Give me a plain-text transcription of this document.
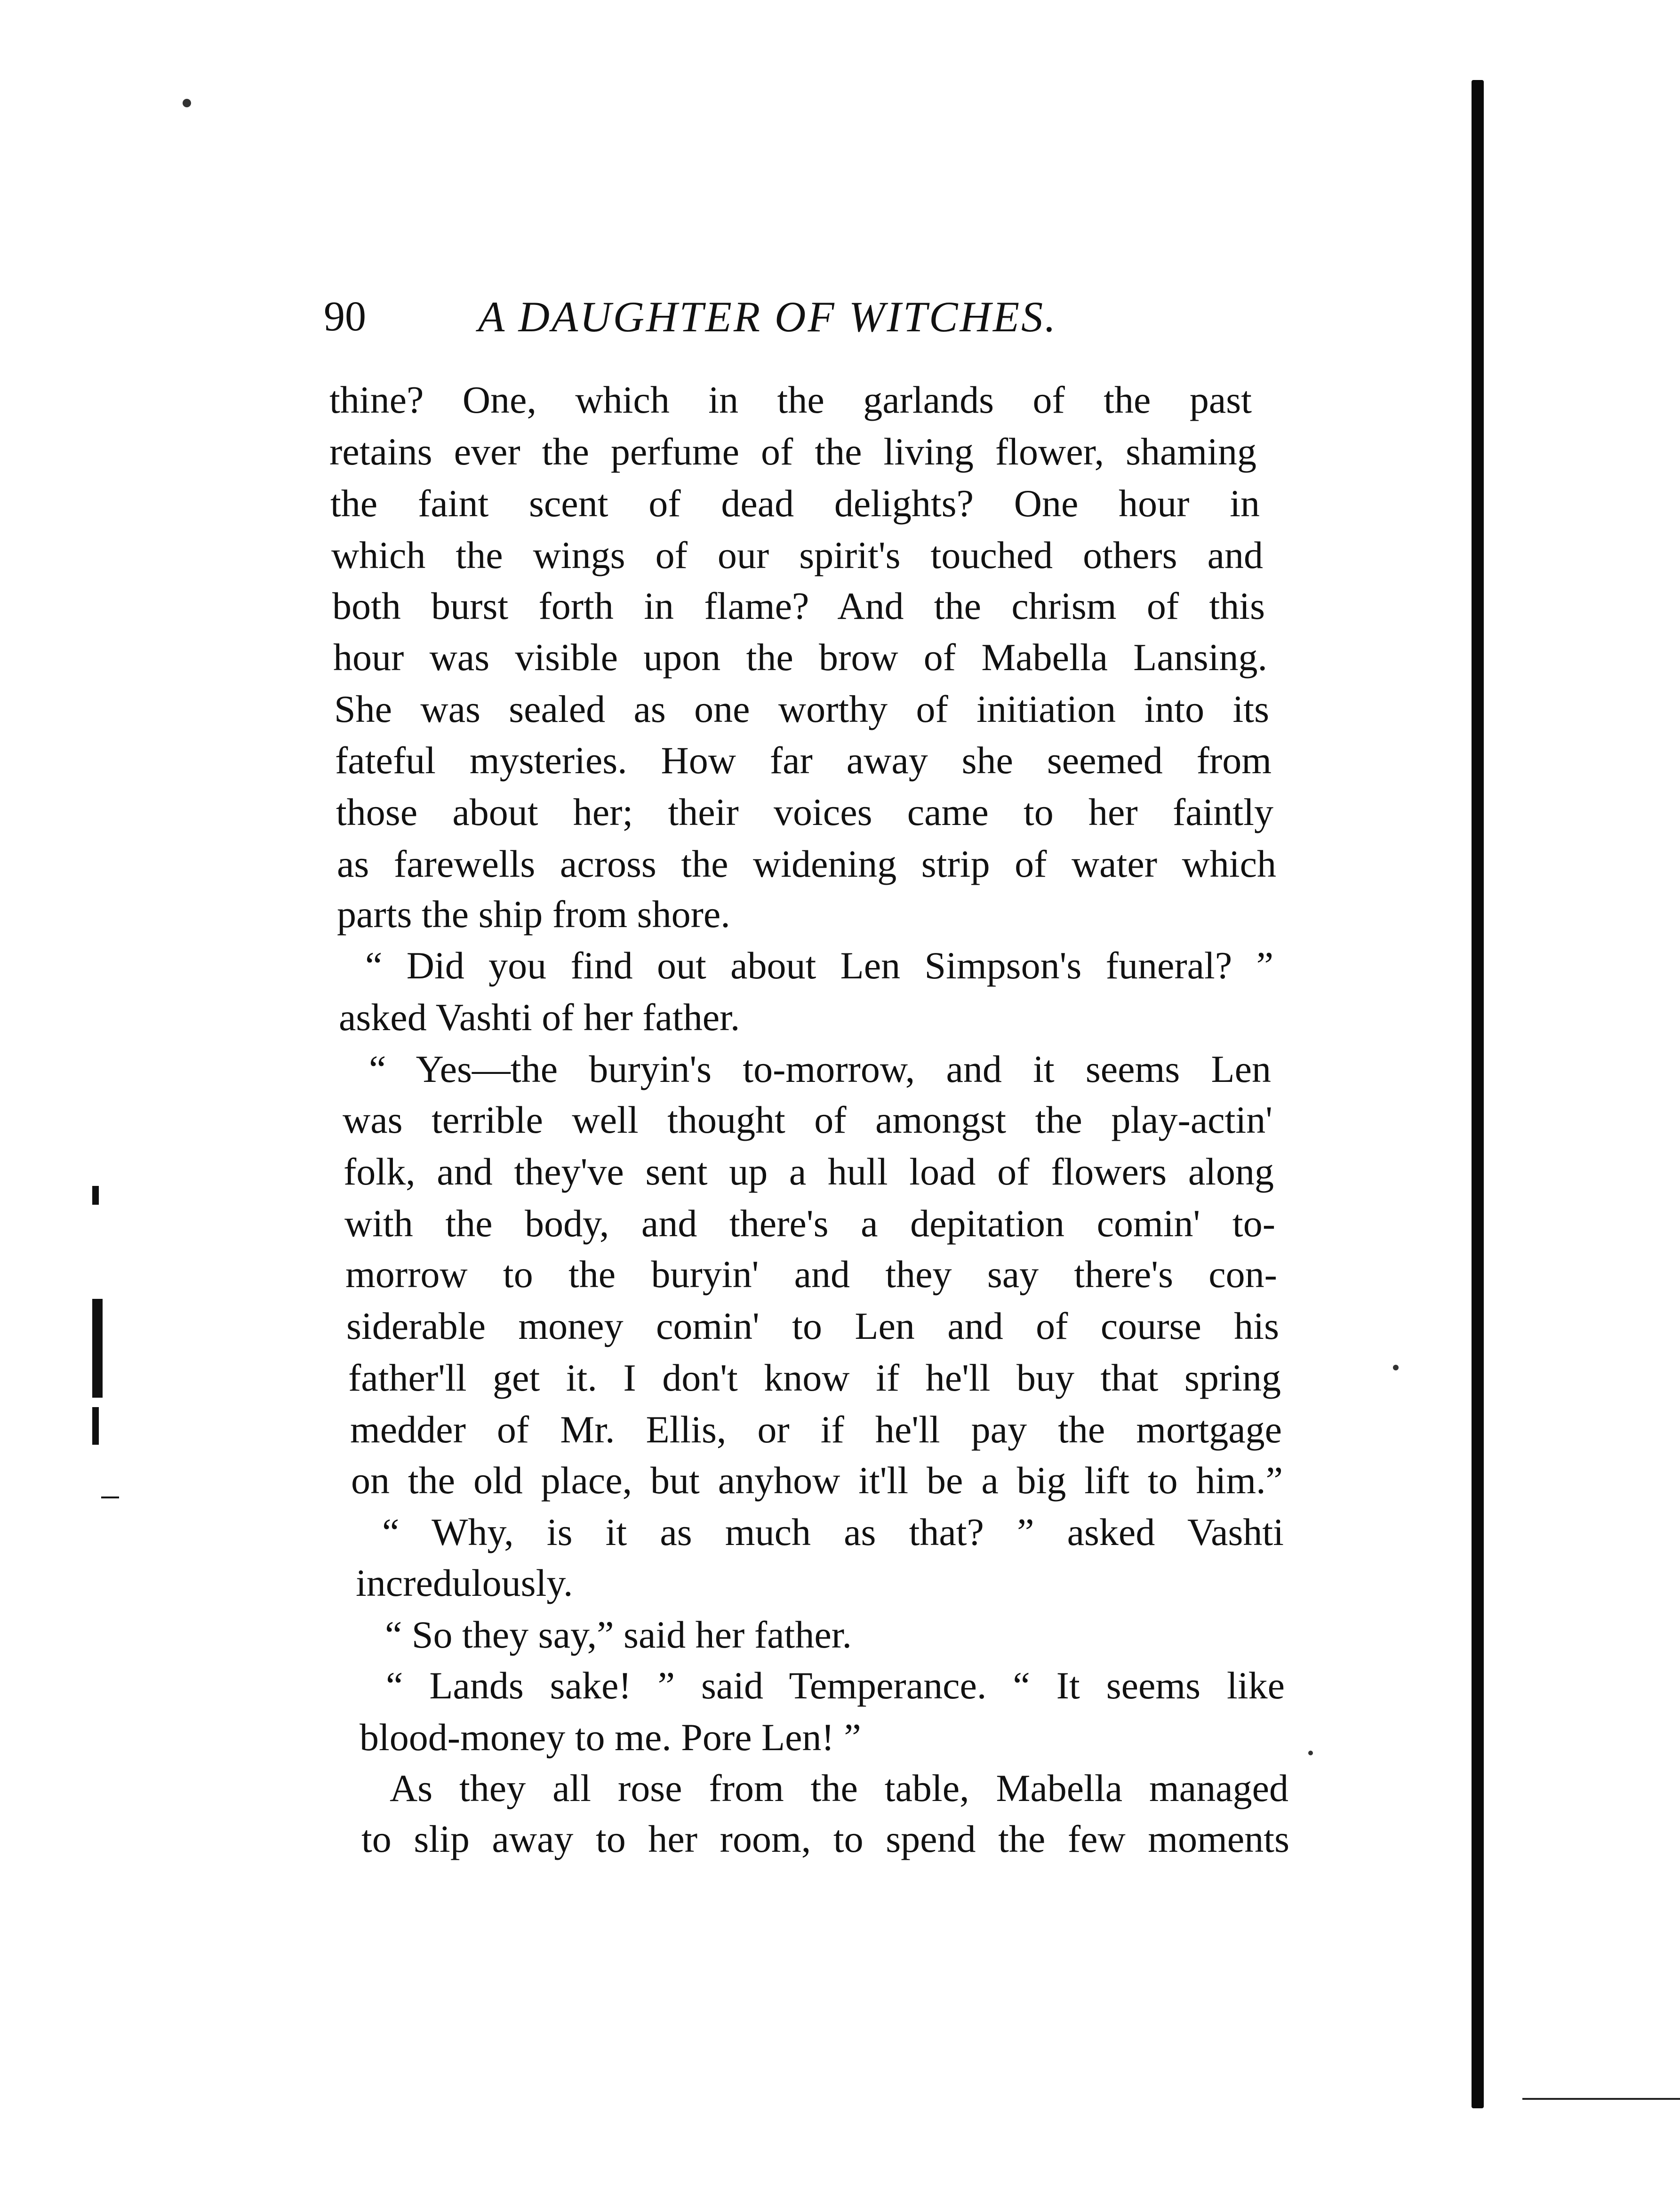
90	A DAUGHTER OF WITCHES.
thine? One, which in the garlands of the past
retains ever the perfume of the living flower, shaming
the faint scent of dead delights? One hour in
which the wings of our spirit's touched others and
both burst forth in flame? And the chrism of this
hour was visible upon the brow of Mabella Lansing.
She was sealed as one worthy of initiation into its
fateful mysteries. How far away she seemed from
those about her; their voices came to her faintly
as farewells across the widening strip of water which
parts the ship from shore.
“ Did you find out about Len Simpson's funeral? ”
asked Vashti of her father.
“ Yes—the buryin's to-morrow, and it seems Len
was terrible well thought of amongst the play-actin'
folk, and they've sent up a hull load of flowers along
with the body, and there's a depitation comin' to-
morrow to the buryin' and they say there's con-
siderable money comin' to Len and of course his
father'll get it. I don't know if he'll buy that spring
medder of Mr. Ellis, or if he'll pay the mortgage
on the old place, but anyhow it'll be a big lift to him.”
“ Why, is it as much as that? ” asked Vashti
incredulously.
“ So they say,” said her father.
“ Lands sake! ” said Temperance. “ It seems like
blood-money to me. Pore Len! ”
As they all rose from the table, Mabella managed
to slip away to her room, to spend the few moments
